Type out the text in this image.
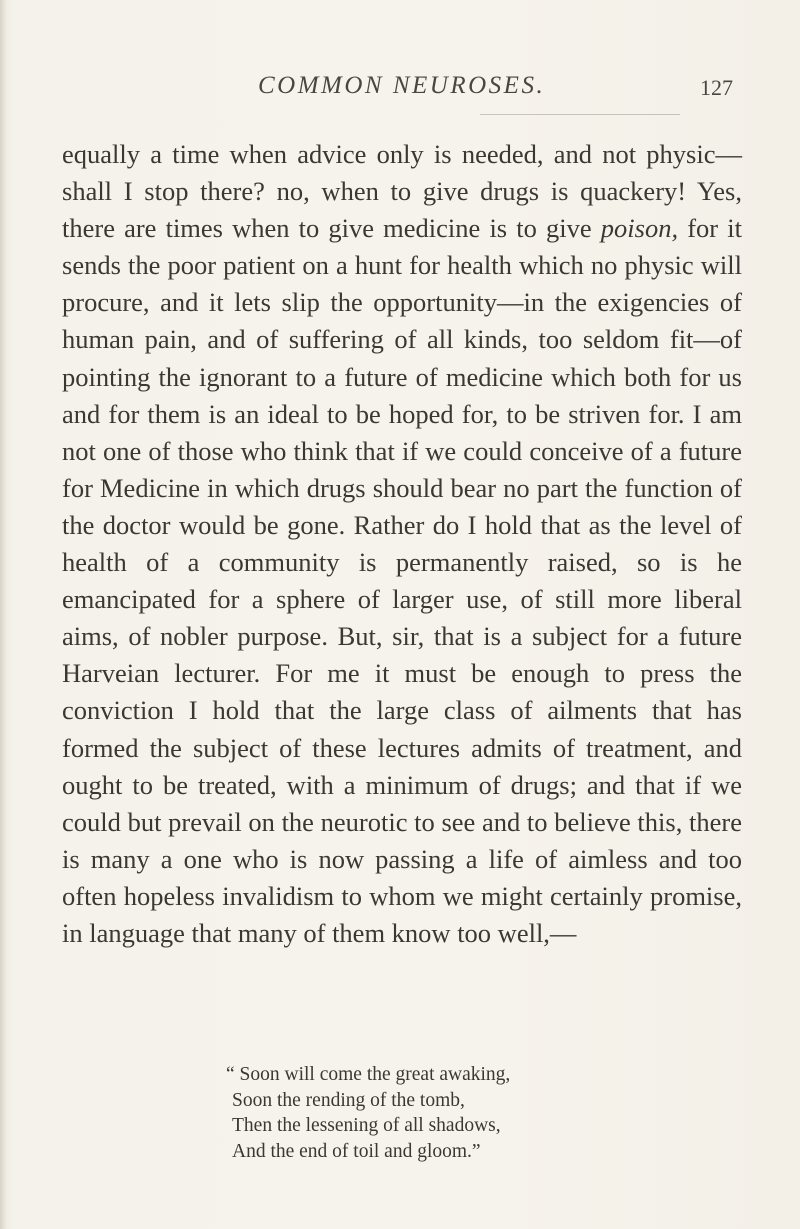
COMMON NEUROSES.	127

equally a time when advice only is needed, and not physic—shall I stop there? no, when to give drugs is quackery! Yes, there are times when to give medicine is to give poison, for it sends the poor patient on a hunt for health which no physic will procure, and it lets slip the opportunity—in the exigencies of human pain, and of suffering of all kinds, too seldom fit—of pointing the ignorant to a future of medicine which both for us and for them is an ideal to be hoped for, to be striven for. I am not one of those who think that if we could conceive of a future for Medicine in which drugs should bear no part the function of the doctor would be gone. Rather do I hold that as the level of health of a community is permanently raised, so is he emancipated for a sphere of larger use, of still more liberal aims, of nobler purpose. But, sir, that is a subject for a future Harveian lecturer. For me it must be enough to press the conviction I hold that the large class of ailments that has formed the subject of these lectures admits of treatment, and ought to be treated, with a minimum of drugs; and that if we could but prevail on the neurotic to see and to believe this, there is many a one who is now passing a life of aimless and too often hopeless invalidism to whom we might certainly promise, in language that many of them know too well,—

“ Soon will come the great awaking,
Soon the rending of the tomb,
Then the lessening of all shadows,
And the end of toil and gloom.”
